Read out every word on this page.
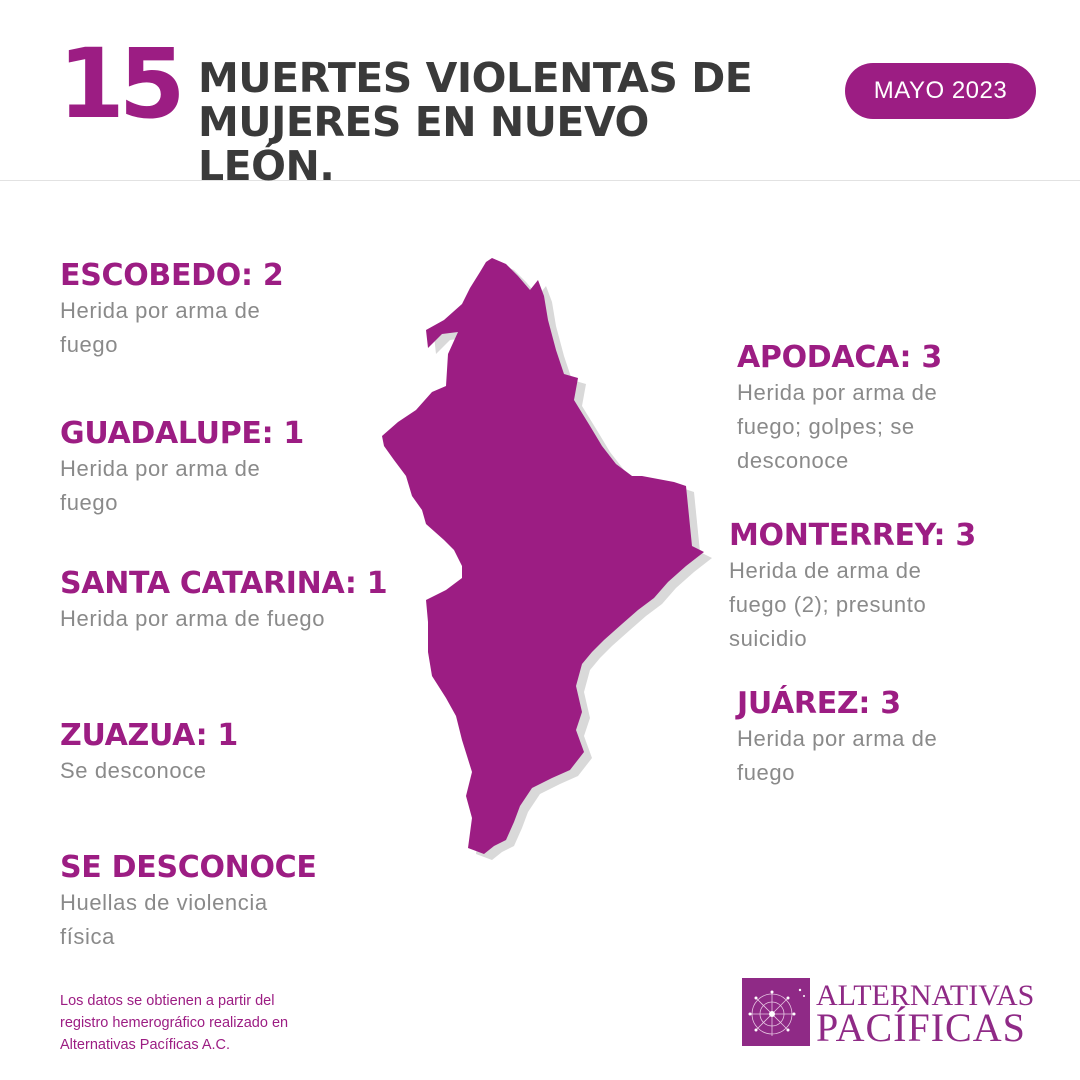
15 MUERTES VIOLENTAS DE
MUJERES EN NUEVO LEÓN.
MAYO 2023
ESCOBEDO: 2
Herida por arma de
fuego
GUADALUPE: 1
Herida por arma de
fuego
SANTA CATARINA: 1
Herida por arma de fuego
ZUAZUA: 1
Se desconoce
SE DESCONOCE
Huellas de violencia
física
APODACA: 3
Herida por arma de
fuego; golpes; se
desconoce
MONTERREY: 3
Herida de arma de
fuego (2); presunto
suicidio
JUÁREZ: 3
Herida por arma de
fuego
Los datos se obtienen a partir del
registro hemerográfico realizado en
Alternativas Pacíficas A.C.
ALTERNATIVAS
PACÍFICAS
